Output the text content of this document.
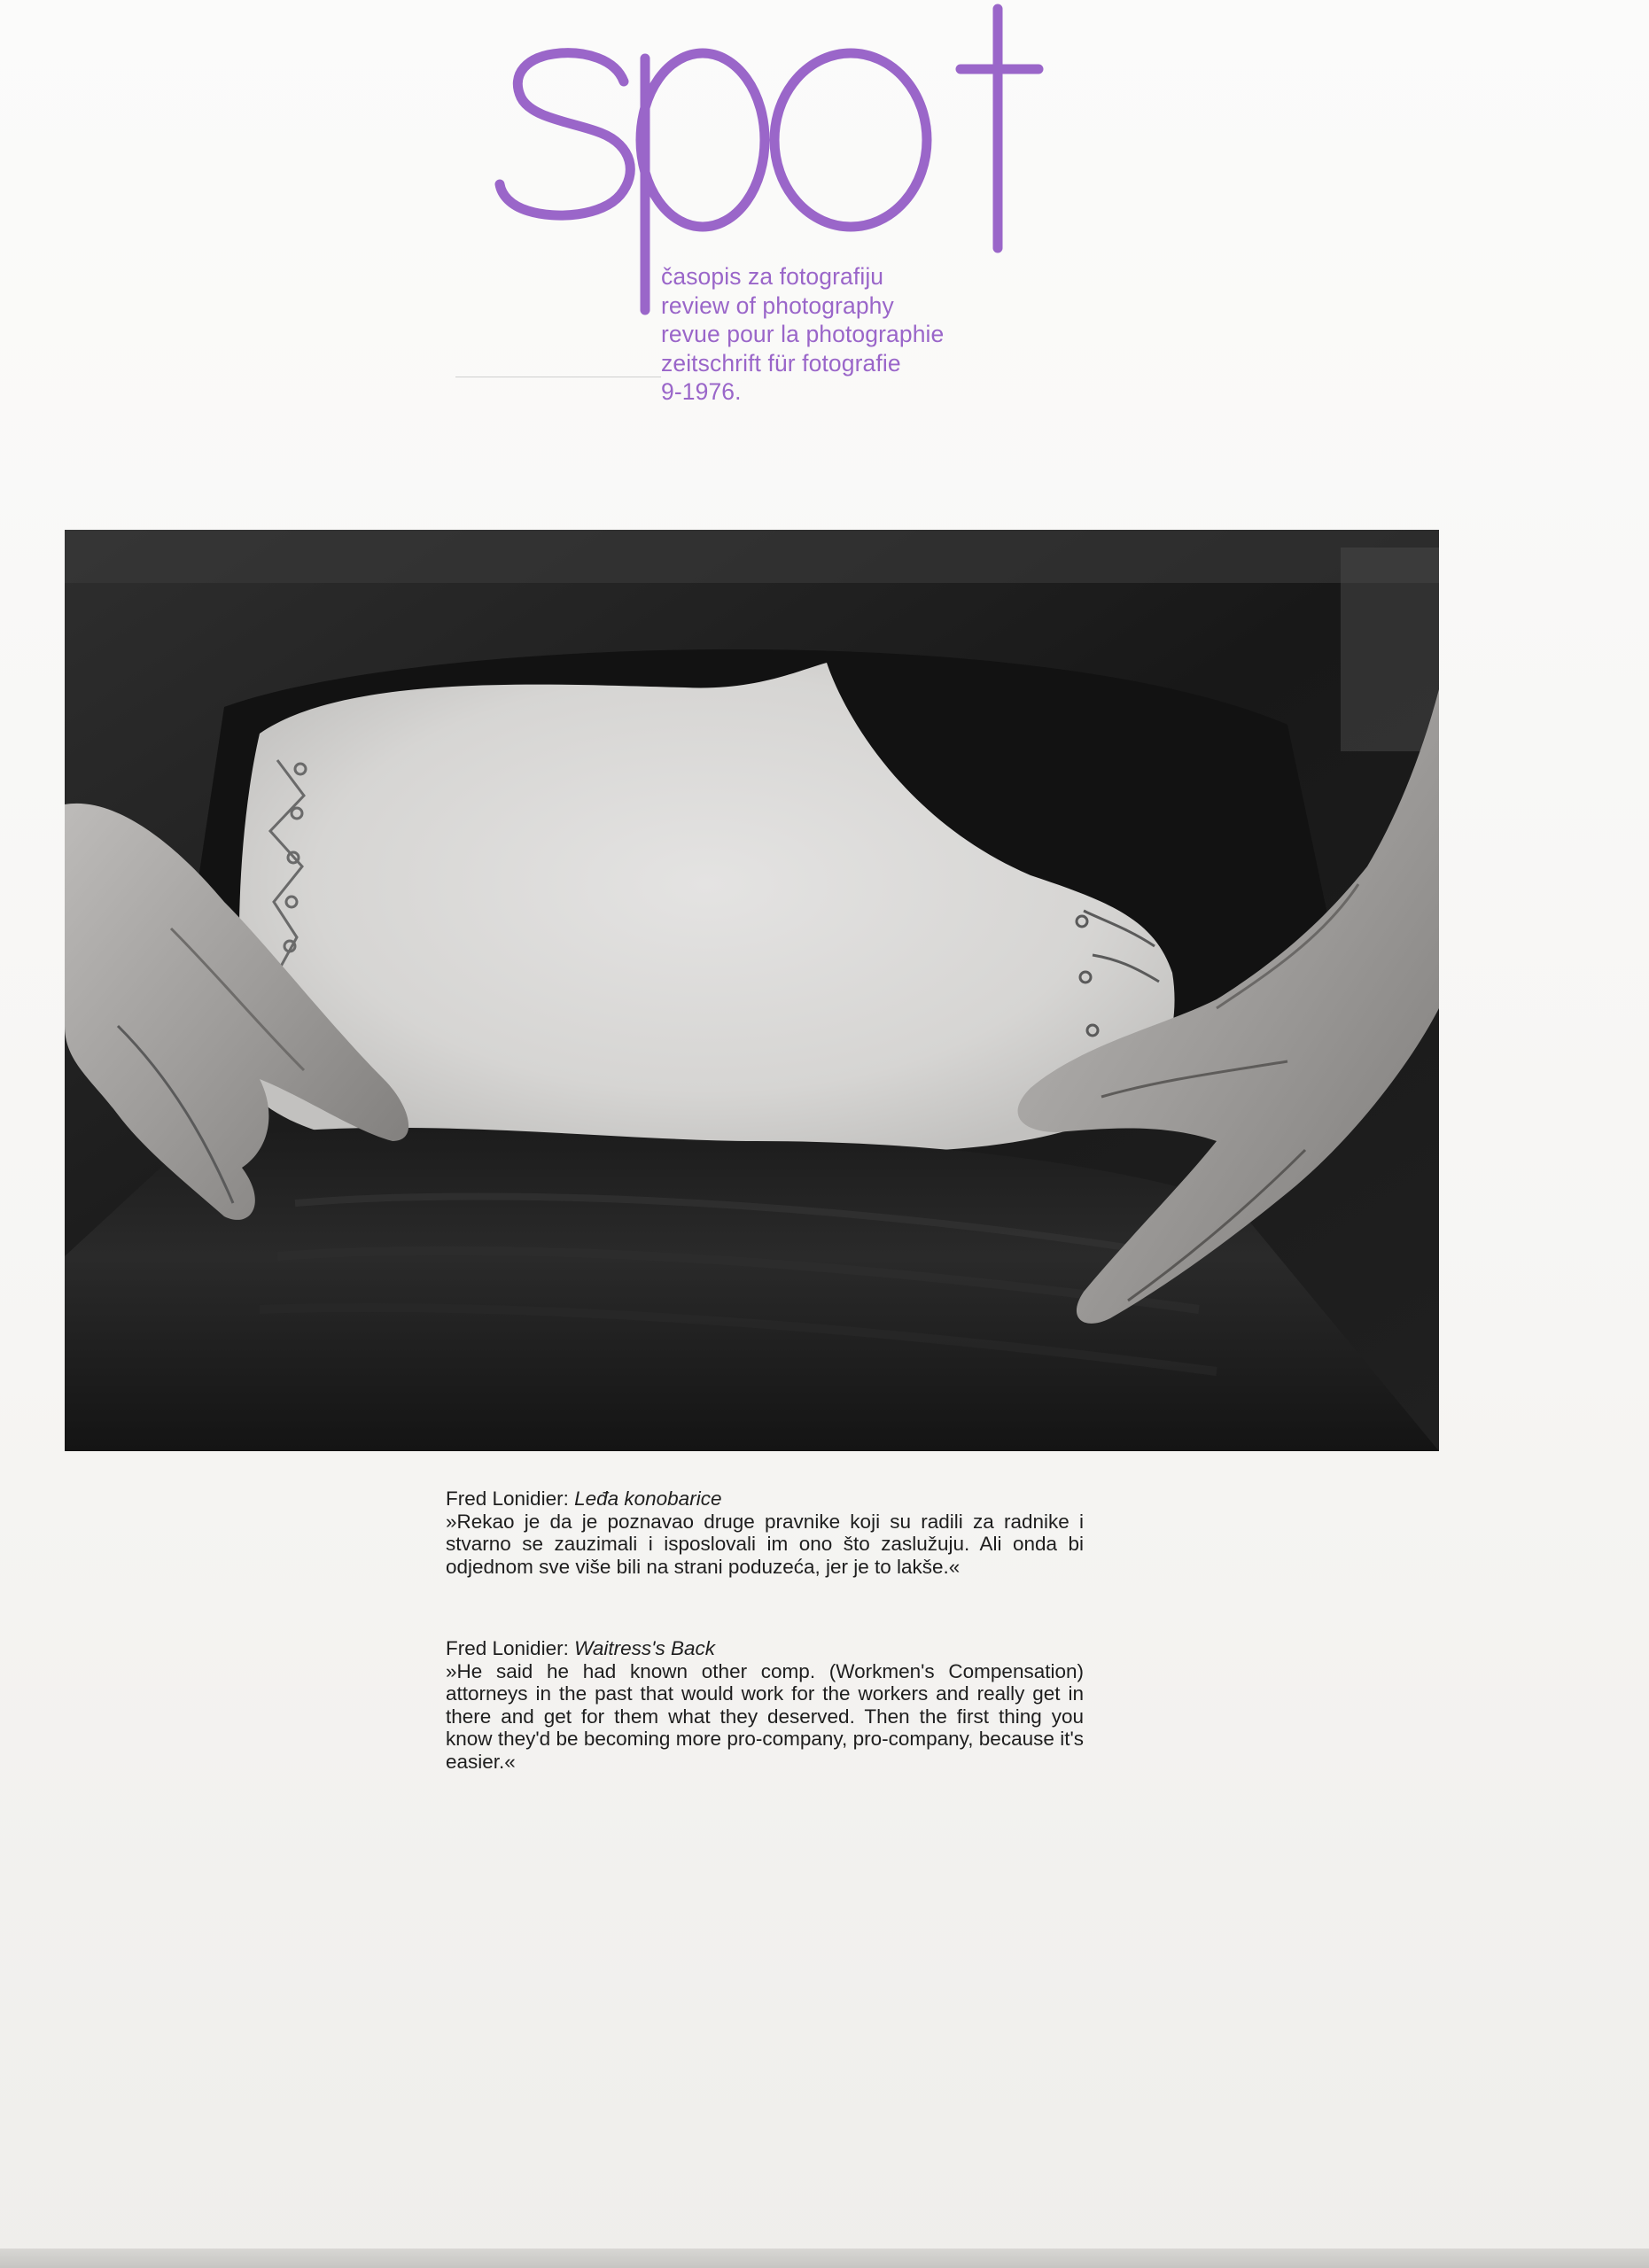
časopis za fotografiju
review of photography
revue pour la photographie
zeitschrift für fotografie
9-1976.
Fred Lonidier: Leđa konobarice
»Rekao je da je poznavao druge pravnike koji su radili za radnike i stvarno se zauzimali i isposlovali im ono što zaslužuju. Ali onda bi odjednom sve više bili na strani poduzeća, jer je to lakše.«
Fred Lonidier: Waitress's Back
»He said he had known other comp. (Workmen's Compensation) attorneys in the past that would work for the workers and really get in there and get for them what they deserved. Then the first thing you know they'd be becoming more pro-company, pro-company, because it's easier.«
